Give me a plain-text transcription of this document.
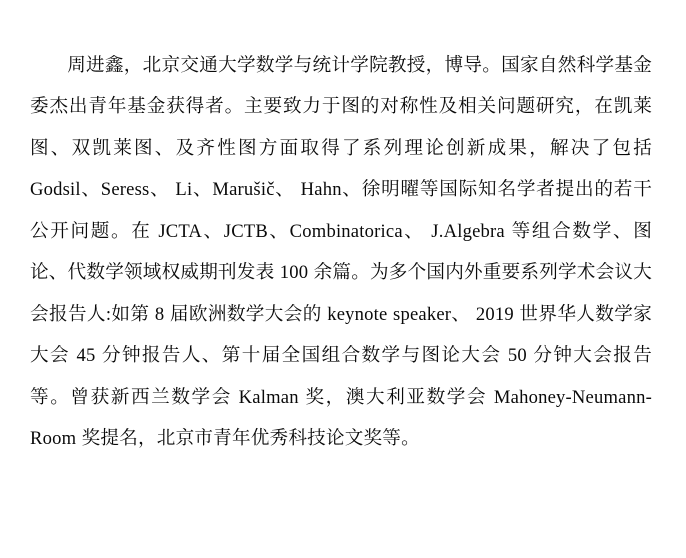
周进鑫，北京交通大学数学与统计学院教授，博导。国家自然科学基金委杰出青年基金获得者。主要致力于图的对称性及相关问题研究，在凯莱图、双凯莱图、及齐性图方面取得了系列理论创新成果，解决了包括 Godsil、Seress、 Li、Marušič、 Hahn、徐明曜等国际知名学者提出的若干公开问题。在 JCTA、JCTB、Combinatorica、 J.Algebra 等组合数学、图论、代数学领域权威期刊发表 100 余篇。为多个国内外重要系列学术会议大会报告人:如第 8 届欧洲数学大会的 keynote speaker、 2019 世界华人数学家大会 45 分钟报告人、第十届全国组合数学与图论大会 50 分钟大会报告等。曾获新西兰数学会 Kalman 奖，澳大利亚数学会 Mahoney-Neumann-Room 奖提名，北京市青年优秀科技论文奖等。
